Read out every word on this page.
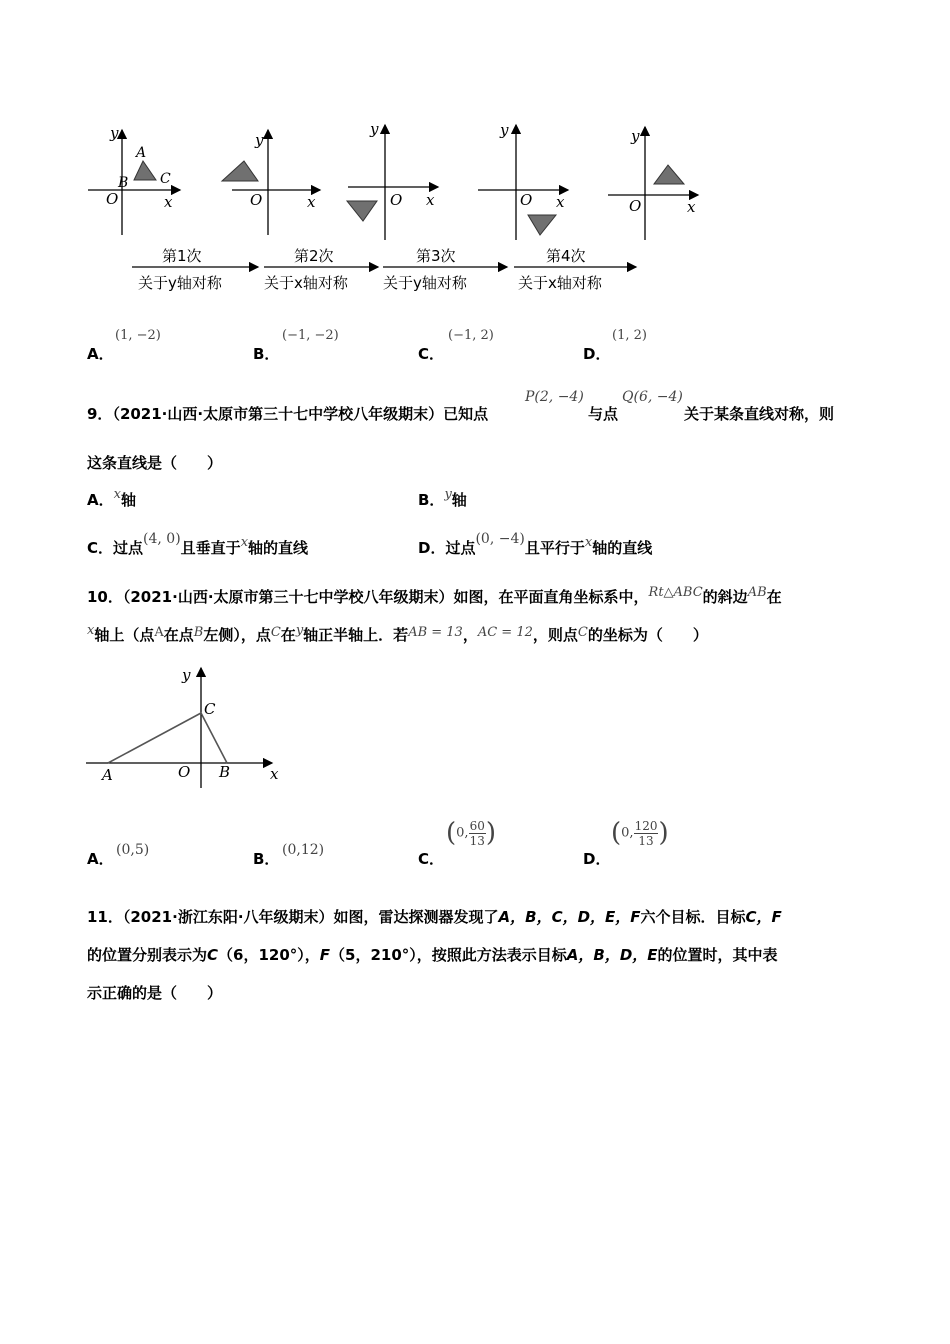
y
x
O
A
B C
y
x
O
y
x
O
y
x
O
y
x
O
第1次
关于y轴对称
第2次
关于x轴对称
第3次
关于y轴对称
第4次
关于x轴对称
A．
(1, −2)
B．
(−1, −2)
C．
(−1, 2)
D．
(1, 2)
9．（2021·山西·太原市第三十七中学校八年级期末）已知点
P(2, −4)
与点
Q(6, −4)
关于某条直线对称，则
这条直线是（　　）
A．x轴	B．y轴
C．过点(4, 0)且垂直于x轴的直线	D．过点(0, −4)且平行于x轴的直线
10．（2021·山西·太原市第三十七中学校八年级期末）如图，在平面直角坐标系中，Rt△ABC的斜边AB在
x轴上（点A在点B左侧），点C在y轴正半轴上．若AB = 13，AC = 12，则点C的坐标为（　　）
y
x
A	O B
C
A． (0,5)	B． (0,12)	C．
(0, $\frac{60}{13}$ )
D．
(0, $\frac{120}{13}$ )
11．（2021·浙江东阳·八年级期末）如图，雷达探测器发现了A，B，C，D，E，F六个目标．目标C，F
的位置分别表示为C（6，120°），F（5，210°），按照此方法表示目标A，B，D，E的位置时，其中表
示正确的是（　　）
